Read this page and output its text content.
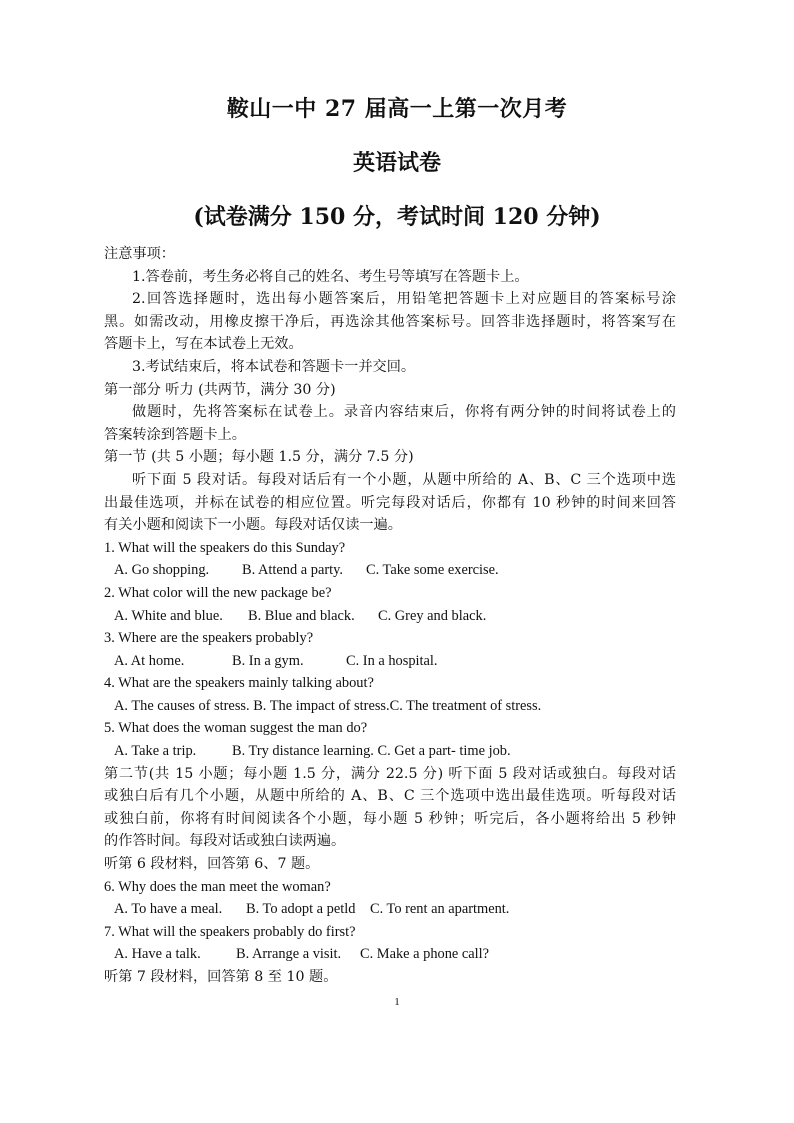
鞍山一中 27 届高一上第一次月考
英语试卷
(试卷满分 150 分，考试时间 120 分钟)

注意事项：

1.答卷前，考生务必将自己的姓名、考生号等填写在答题卡上。

2.回答选择题时，选出每小题答案后，用铅笔把答题卡上对应题目的答案标号涂

黑。如需改动，用橡皮擦干净后，再选涂其他答案标号。回答非选择题时，将答案写在

答题卡上，写在本试卷上无效。

3.考试结束后，将本试卷和答题卡一并交回。

第一部分 听力 (共两节，满分 30 分)

做题时，先将答案标在试卷上。录音内容结束后，你将有两分钟的时间将试卷上的

答案转涂到答题卡上。

第一节 (共 5 小题；每小题 1.5 分，满分 7.5 分)

听下面 5 段对话。每段对话后有一个小题，从题中所给的 A、B、C 三个选项中选

出最佳选项，并标在试卷的相应位置。听完每段对话后，你都有 10 秒钟的时间来回答

有关小题和阅读下一小题。每段对话仅读一遍。

1. What will the speakers do this Sunday?

A. Go shopping.	B. Attend a party.	C. Take some exercise.

2. What color will the new package be?

A. White and blue.	B. Blue and black.	C. Grey and black.

3. Where are the speakers probably?

A. At home.	B. In a gym.	C. In a hospital.

4. What are the speakers mainly talking about?

A. The causes of stress. B. The impact of stress.C. The treatment of stress.

5. What does the woman suggest the man do?

A. Take a trip.	B. Try distance learning. C. Get a part- time job.

第二节(共 15 小题；每小题 1.5 分，满分 22.5 分) 听下面 5 段对话或独白。每段对话

或独白后有几个小题，从题中所给的 A、B、C 三个选项中选出最佳选项。听每段对话

或独白前，你将有时间阅读各个小题，每小题 5 秒钟；听完后，各小题将给出 5 秒钟

的作答时间。每段对话或独白读两遍。

听第 6 段材料，回答第 6、7 题。

6. Why does the man meet the woman?

A. To have a meal.	B. To adopt a petld	C. To rent an apartment.

7. What will the speakers probably do first?

A. Have a talk.	B. Arrange a visit.	C. Make a phone call?

听第 7 段材料，回答第 8 至 10 题。

1
